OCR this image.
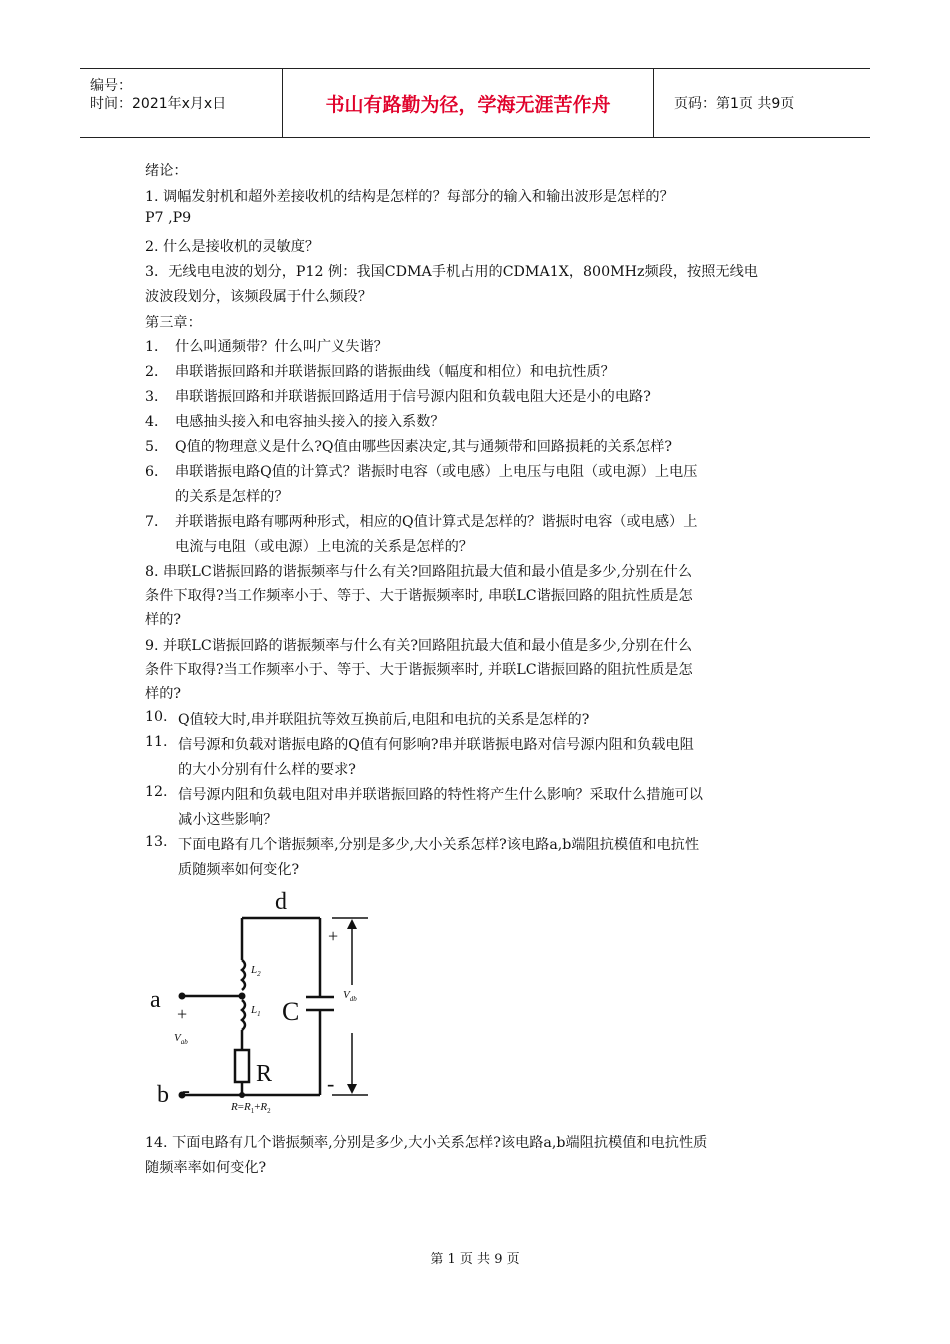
编号：
时间：2021年x月x日	书山有路勤为径，学海无涯苦作舟	页码：第1页 共9页
绪论：
1. 调幅发射机和超外差接收机的结构是怎样的？每部分的输入和输出波形是怎样的？
P7 ,P9
2. 什么是接收机的灵敏度？
3．无线电电波的划分，P12 例：我国CDMA手机占用的CDMA1X，800MHz频段，按照无线电
波波段划分，该频段属于什么频段？
第三章：
1． 什么叫通频带？什么叫广义失谐？
2． 串联谐振回路和并联谐振回路的谐振曲线（幅度和相位）和电抗性质？
3． 串联谐振回路和并联谐振回路适用于信号源内阻和负载电阻大还是小的电路?
4． 电感抽头接入和电容抽头接入的接入系数？
5． Q值的物理意义是什么?Q值由哪些因素决定,其与通频带和回路损耗的关系怎样?
6． 串联谐振电路Q值的计算式？谐振时电容（或电感）上电压与电阻（或电源）上电压
的关系是怎样的？
7． 并联谐振电路有哪两种形式，相应的Q值计算式是怎样的？谐振时电容（或电感）上
电流与电阻（或电源）上电流的关系是怎样的？
8. 串联LC谐振回路的谐振频率与什么有关?回路阻抗最大值和最小值是多少,分别在什么
条件下取得?当工作频率小于、等于、大于谐振频率时, 串联LC谐振回路的阻抗性质是怎
样的?
9. 并联LC谐振回路的谐振频率与什么有关?回路阻抗最大值和最小值是多少,分别在什么
条件下取得?当工作频率小于、等于、大于谐振频率时, 并联LC谐振回路的阻抗性质是怎
样的?
10. Q值较大时,串并联阻抗等效互换前后,电阻和电抗的关系是怎样的?
11. 信号源和负载对谐振电路的Q值有何影响?串并联谐振电路对信号源内阻和负载电阻
的大小分别有什么样的要求?
12. 信号源内阻和负载电阻对串并联谐振回路的特性将产生什么影响？采取什么措施可以
减小这些影响？
13. 下面电路有几个谐振频率,分别是多少,大小关系怎样?该电路a,b端阻抗模值和电抗性
质随频率如何变化?
14. 下面电路有几个谐振频率,分别是多少,大小关系怎样?该电路a,b端阻抗模值和电抗性质
随频率率如何变化?
d
a
b
+
-
+
-
C
R
$L_2$
$L_1$
$V_{ab}$
$V_{db}$
$R=R_1+R_2$
第 1 页 共 9 页
